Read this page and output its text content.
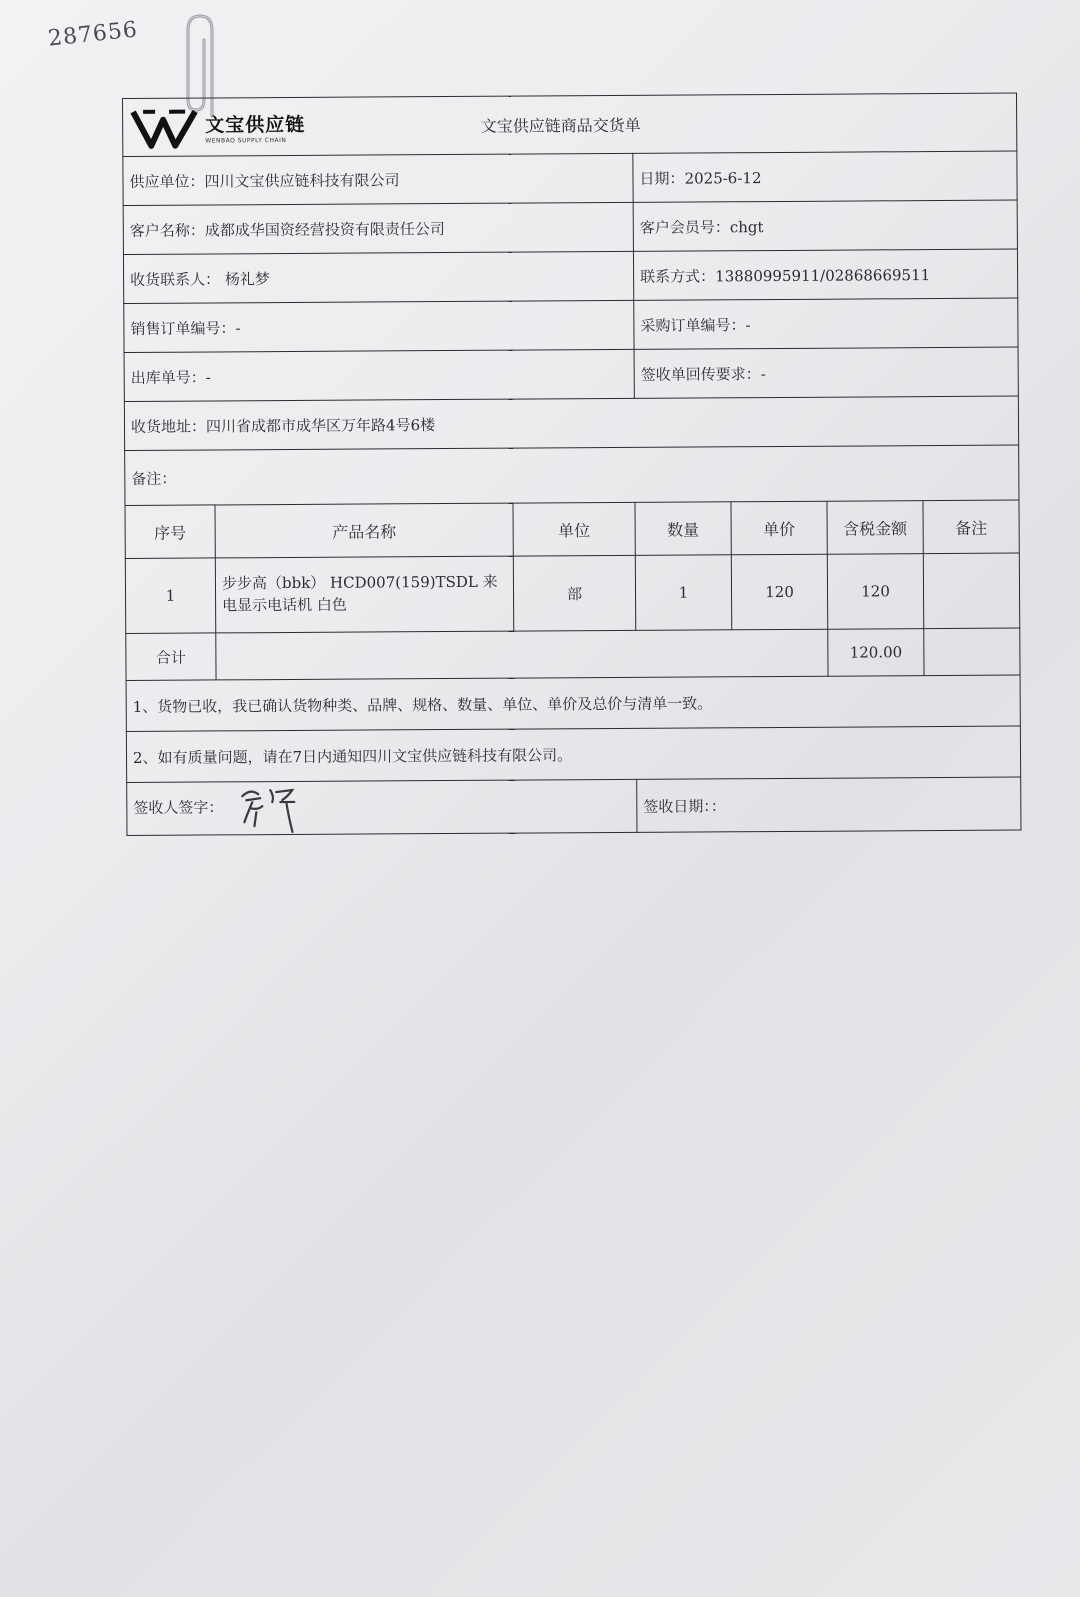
287656
文宝供应链
WENBAO SUPPLY CHAIN		文宝供应链商品交货单				
供应单位：四川文宝供应链科技有限公司			日期：2025-6-12			
客户名称：成都成华国资经营投资有限责任公司			客户会员号：chgt			
收货联系人： 杨礼梦			联系方式：13880995911/02868669511			
销售订单编号：-			采购订单编号：-			
出库单号：-			签收单回传要求：-			
收货地址：四川省成都市成华区万年路4号6楼						
备注：						
序号	产品名称	单位	数量	单价	含税金额	备注
1	步步高（bbk） HCD007(159)TSDL 来电显示电话机 白色	部	1	120	120	
合计					120.00	
1、货物已收，我已确认货物种类、品牌、规格、数量、单位、单价及总价与清单一致。						
2、如有质量问题，请在7日内通知四川文宝供应链科技有限公司。						
签收人签字：			签收日期：：			
